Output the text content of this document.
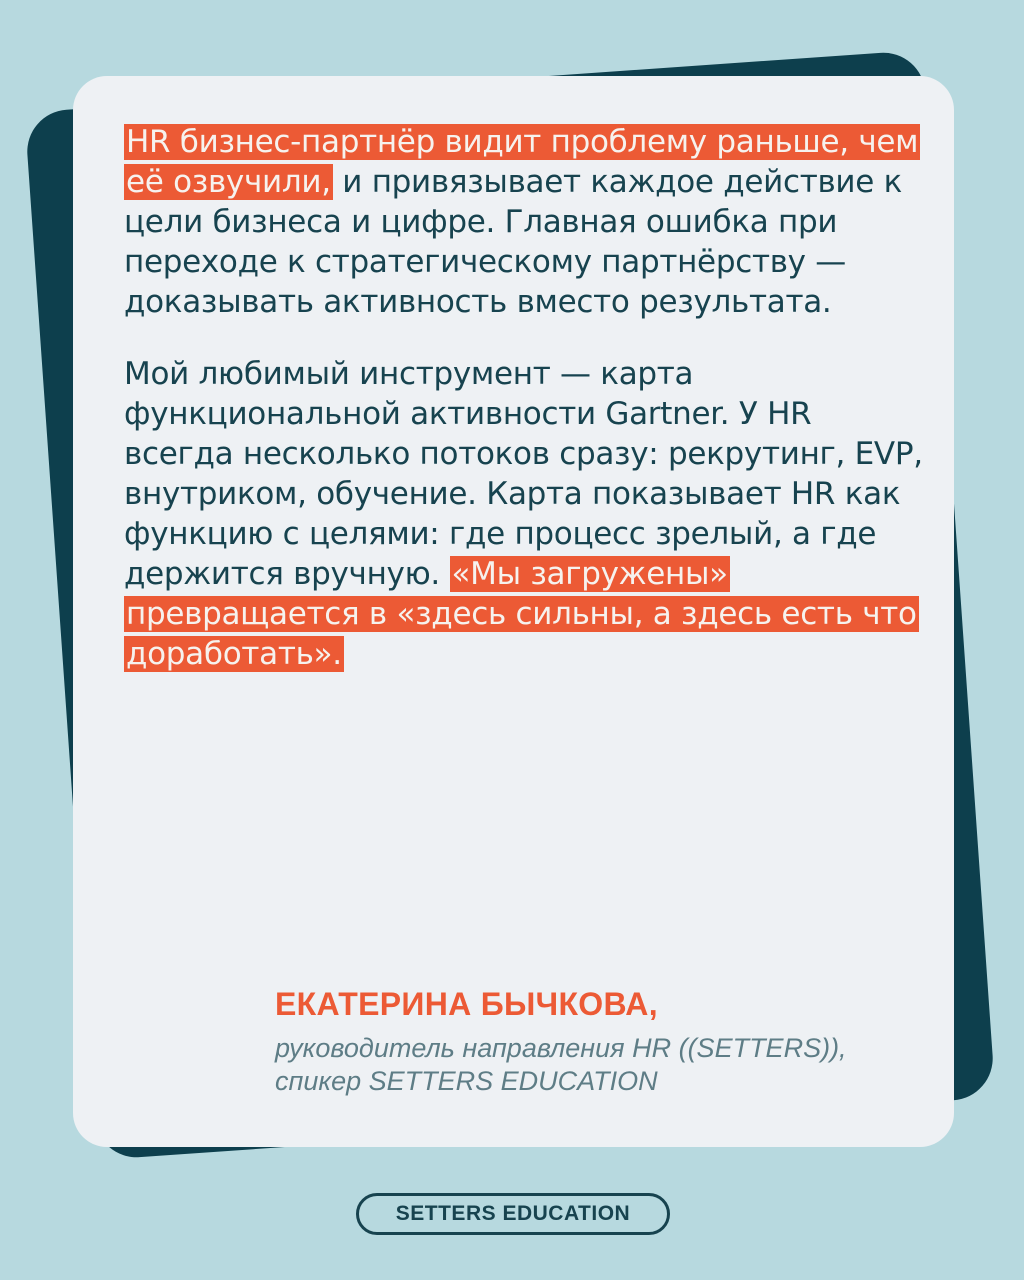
HR бизнес-партнёр видит проблему раньше, чем её озвучили, и привязывает каждое действие к цели бизнеса и цифре. Главная ошибка при переходе к стратегическому партнёрству — доказывать активность вместо результата.

Мой любимый инструмент — карта функциональной активности Gartner. У HR всегда несколько потоков сразу: рекрутинг, EVP, внутриком, обучение. Карта показывает HR как функцию с целями: где процесс зрелый, а где держится вручную. «Мы загружены» превращается в «здесь сильны, а здесь есть что доработать».

ЕКАТЕРИНА БЫЧКОВА,
руководитель направления HR ((SETTERS)),
спикер SETTERS EDUCATION
SETTERS EDUCATION
